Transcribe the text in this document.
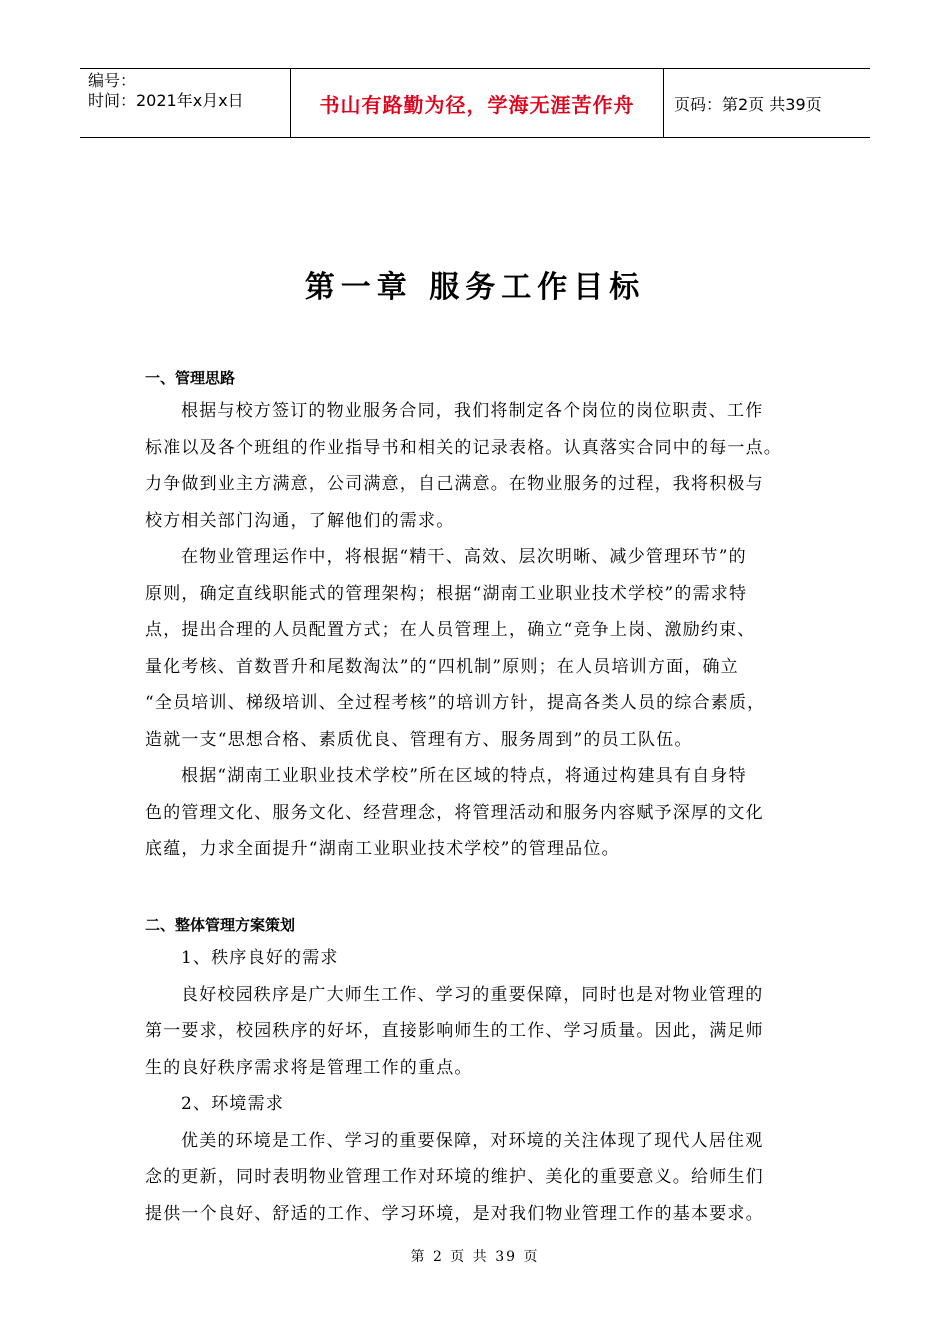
编号：
时间：2021年x月x日	书山有路勤为径，学海无涯苦作舟	页码：第2页 共39页
第一章 服务工作目标
一、管理思路
根据与校方签订的物业服务合同，我们将制定各个岗位的岗位职责、工作
标准以及各个班组的作业指导书和相关的记录表格。认真落实合同中的每一点。
力争做到业主方满意，公司满意，自己满意。在物业服务的过程，我将积极与
校方相关部门沟通，了解他们的需求。
在物业管理运作中，将根据“精干、高效、层次明晰、减少管理环节”的
原则，确定直线职能式的管理架构；根据“湖南工业职业技术学校”的需求特
点，提出合理的人员配置方式；在人员管理上，确立“竞争上岗、激励约束、
量化考核、首数晋升和尾数淘汰”的“四机制”原则；在人员培训方面，确立
“全员培训、梯级培训、全过程考核”的培训方针，提高各类人员的综合素质，
造就一支“思想合格、素质优良、管理有方、服务周到”的员工队伍。
根据“湖南工业职业技术学校”所在区域的特点，将通过构建具有自身特
色的管理文化、服务文化、经营理念，将管理活动和服务内容赋予深厚的文化
底蕴，力求全面提升“湖南工业职业技术学校”的管理品位。
二、整体管理方案策划
1、秩序良好的需求
良好校园秩序是广大师生工作、学习的重要保障，同时也是对物业管理的
第一要求，校园秩序的好坏，直接影响师生的工作、学习质量。因此，满足师
生的良好秩序需求将是管理工作的重点。
2、环境需求
优美的环境是工作、学习的重要保障，对环境的关注体现了现代人居住观
念的更新，同时表明物业管理工作对环境的维护、美化的重要意义。给师生们
提供一个良好、舒适的工作、学习环境，是对我们物业管理工作的基本要求。
第 2 页 共 39 页
